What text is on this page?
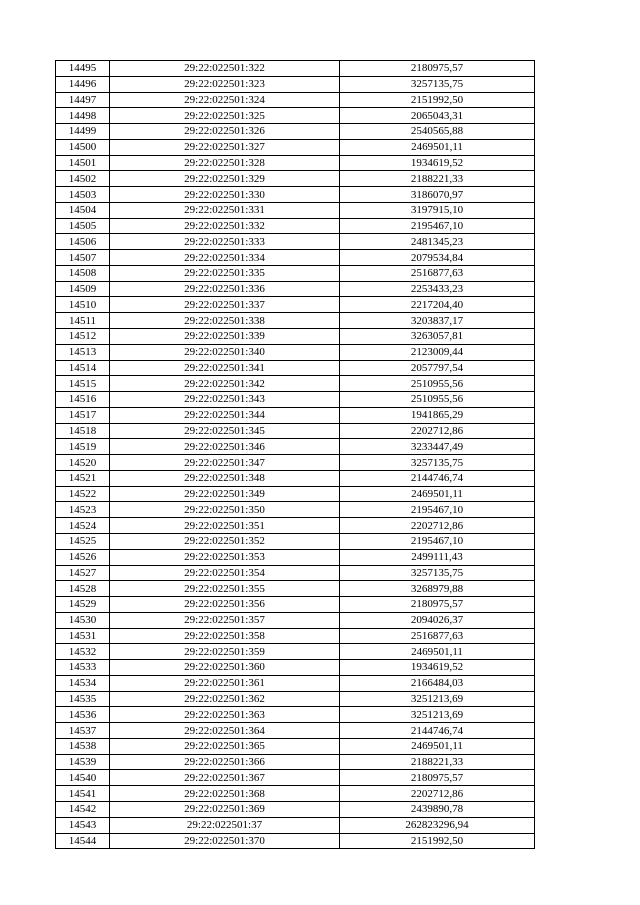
14495	29:22:022501:322	2180975,57
14496	29:22:022501:323	3257135,75
14497	29:22:022501:324	2151992,50
14498	29:22:022501:325	2065043,31
14499	29:22:022501:326	2540565,88
14500	29:22:022501:327	2469501,11
14501	29:22:022501:328	1934619,52
14502	29:22:022501:329	2188221,33
14503	29:22:022501:330	3186070,97
14504	29:22:022501:331	3197915,10
14505	29:22:022501:332	2195467,10
14506	29:22:022501:333	2481345,23
14507	29:22:022501:334	2079534,84
14508	29:22:022501:335	2516877,63
14509	29:22:022501:336	2253433,23
14510	29:22:022501:337	2217204,40
14511	29:22:022501:338	3203837,17
14512	29:22:022501:339	3263057,81
14513	29:22:022501:340	2123009,44
14514	29:22:022501:341	2057797,54
14515	29:22:022501:342	2510955,56
14516	29:22:022501:343	2510955,56
14517	29:22:022501:344	1941865,29
14518	29:22:022501:345	2202712,86
14519	29:22:022501:346	3233447,49
14520	29:22:022501:347	3257135,75
14521	29:22:022501:348	2144746,74
14522	29:22:022501:349	2469501,11
14523	29:22:022501:350	2195467,10
14524	29:22:022501:351	2202712,86
14525	29:22:022501:352	2195467,10
14526	29:22:022501:353	2499111,43
14527	29:22:022501:354	3257135,75
14528	29:22:022501:355	3268979,88
14529	29:22:022501:356	2180975,57
14530	29:22:022501:357	2094026,37
14531	29:22:022501:358	2516877,63
14532	29:22:022501:359	2469501,11
14533	29:22:022501:360	1934619,52
14534	29:22:022501:361	2166484,03
14535	29:22:022501:362	3251213,69
14536	29:22:022501:363	3251213,69
14537	29:22:022501:364	2144746,74
14538	29:22:022501:365	2469501,11
14539	29:22:022501:366	2188221,33
14540	29:22:022501:367	2180975,57
14541	29:22:022501:368	2202712,86
14542	29:22:022501:369	2439890,78
14543	29:22:022501:37	262823296,94
14544	29:22:022501:370	2151992,50
